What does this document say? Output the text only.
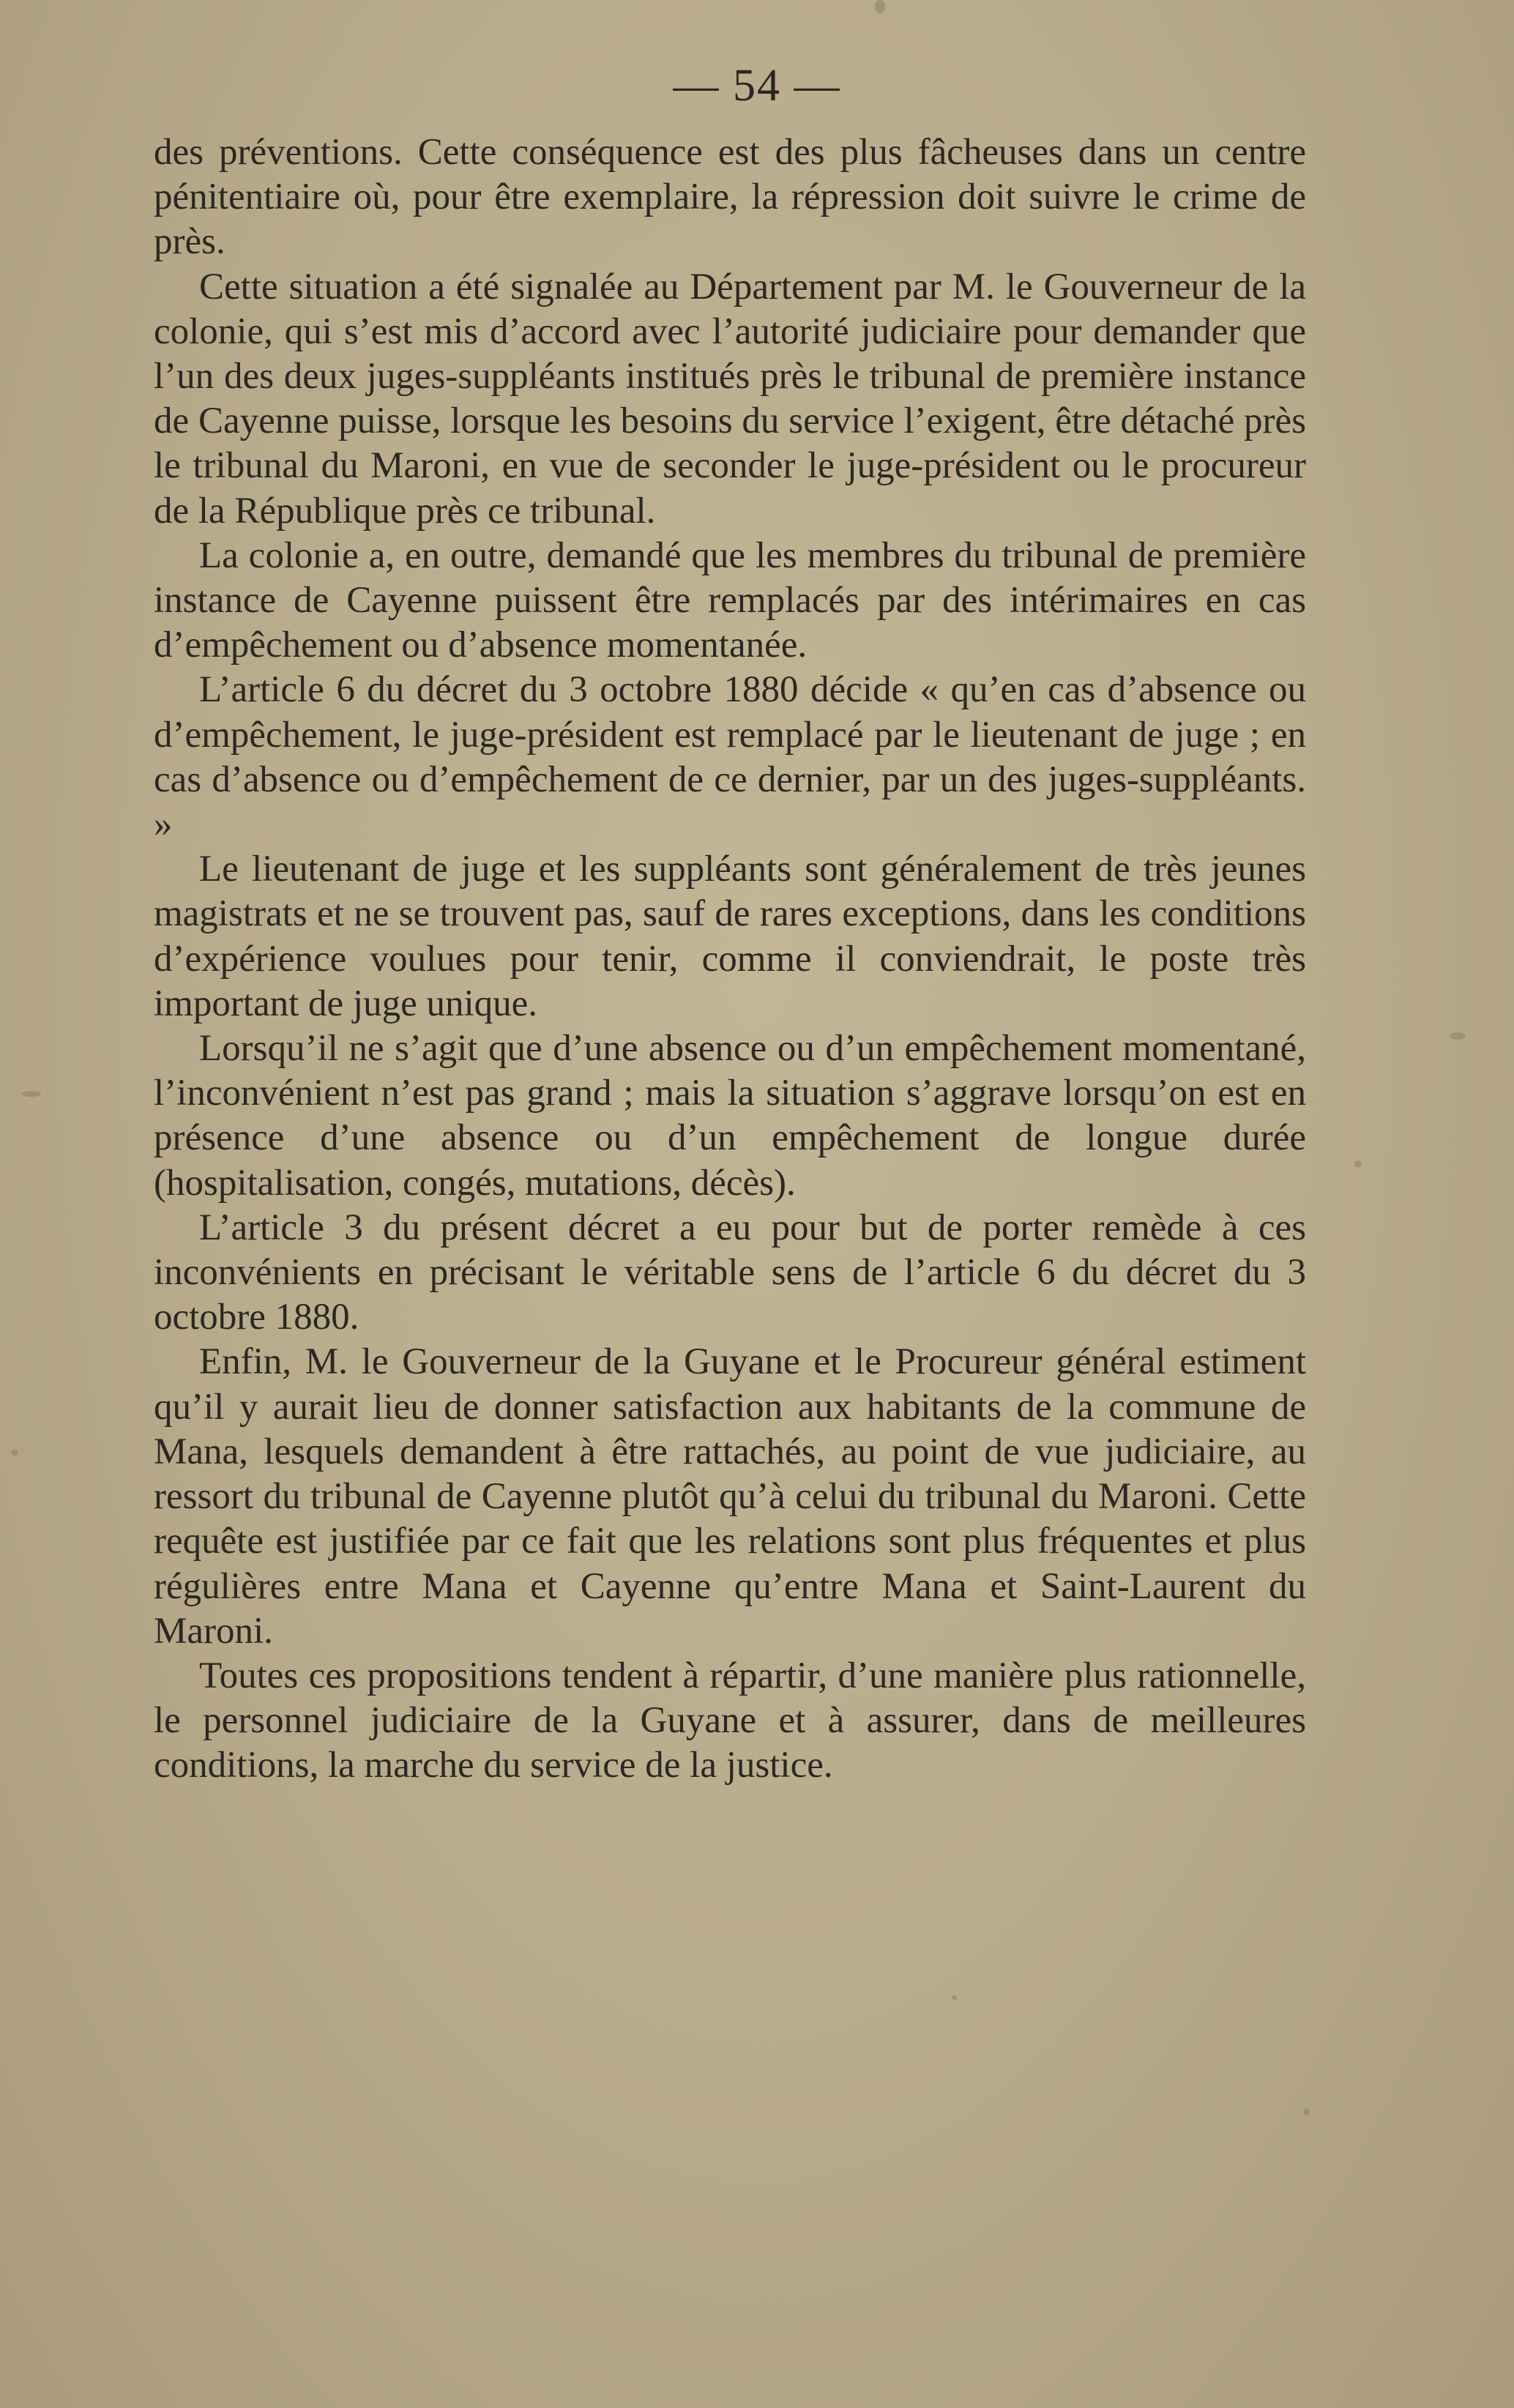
— 54 —

des préventions. Cette conséquence est des plus fâcheuses dans un centre pénitentiaire où, pour être exemplaire, la répression doit suivre le crime de près.

Cette situation a été signalée au Département par M. le Gouverneur de la colonie, qui s’est mis d’accord avec l’autorité judiciaire pour demander que l’un des deux juges-suppléants institués près le tribunal de première instance de Cayenne puisse, lorsque les besoins du service l’exigent, être détaché près le tribunal du Maroni, en vue de seconder le juge-président ou le procureur de la République près ce tribunal.

La colonie a, en outre, demandé que les membres du tribunal de première instance de Cayenne puissent être remplacés par des intérimaires en cas d’empêchement ou d’absence momentanée.

L’article 6 du décret du 3 octobre 1880 décide « qu’en cas d’absence ou d’empêchement, le juge-président est remplacé par le lieutenant de juge ; en cas d’absence ou d’empêchement de ce dernier, par un des juges-suppléants. »

Le lieutenant de juge et les suppléants sont généralement de très jeunes magistrats et ne se trouvent pas, sauf de rares exceptions, dans les conditions d’expérience voulues pour tenir, comme il conviendrait, le poste très important de juge unique.

Lorsqu’il ne s’agit que d’une absence ou d’un empêchement momentané, l’inconvénient n’est pas grand ; mais la situation s’aggrave lorsqu’on est en présence d’une absence ou d’un empêchement de longue durée (hospitalisation, congés, mutations, décès).

L’article 3 du présent décret a eu pour but de porter remède à ces inconvénients en précisant le véritable sens de l’article 6 du décret du 3 octobre 1880.

Enfin, M. le Gouverneur de la Guyane et le Procureur général estiment qu’il y aurait lieu de donner satisfaction aux habitants de la commune de Mana, lesquels demandent à être rattachés, au point de vue judiciaire, au ressort du tribunal de Cayenne plutôt qu’à celui du tribunal du Maroni. Cette requête est justifiée par ce fait que les relations sont plus fréquentes et plus régulières entre Mana et Cayenne qu’entre Mana et Saint-Laurent du Maroni.

Toutes ces propositions tendent à répartir, d’une manière plus rationnelle, le personnel judiciaire de la Guyane et à assurer, dans de meilleures conditions, la marche du service de la justice.
